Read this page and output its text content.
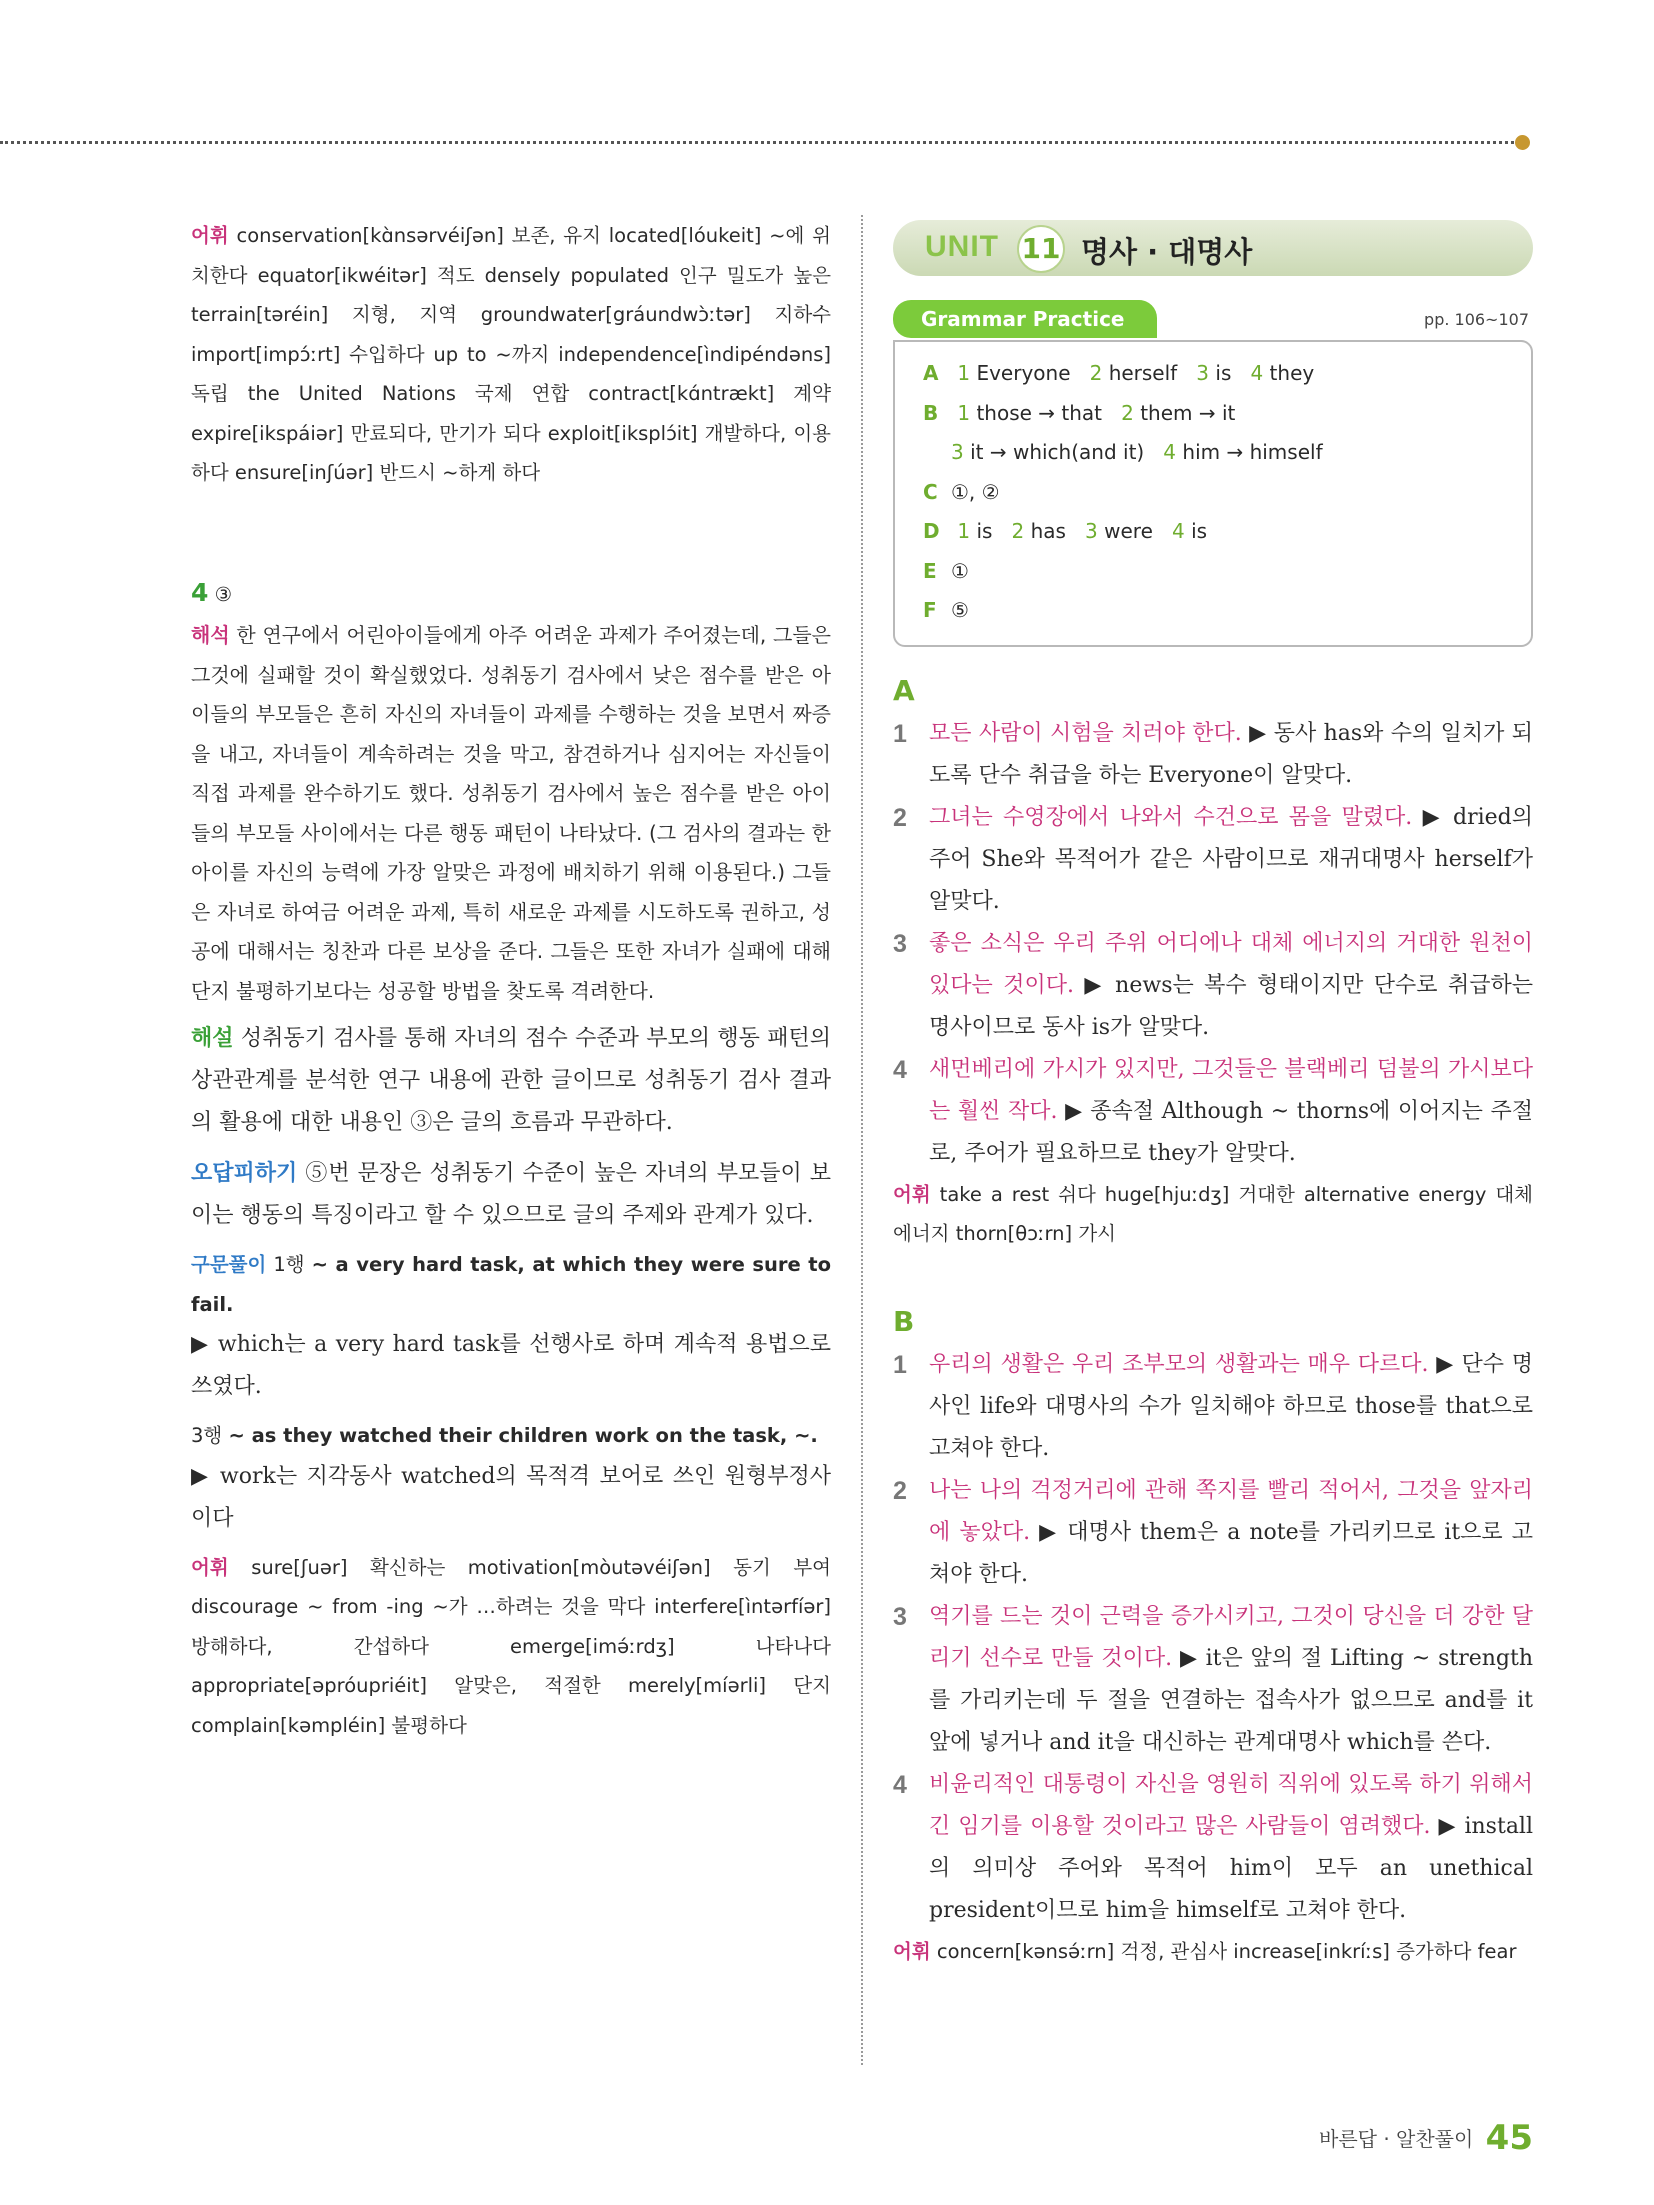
어휘 conservation[kɑ̀nsərvéiʃən] 보존, 유지 located[lóukeit] ~에 위치한다 equator[ikwéitər] 적도 densely populated 인구 밀도가 높은 terrain[təréin] 지형, 지역 groundwater[gráundwɔ̀ːtər] 지하수 import[impɔ́ːrt] 수입하다 up to ~까지 independence[ìndipéndəns] 독립 the United Nations 국제 연합 contract[kɑ́ntrækt] 계약 expire[ikspáiər] 만료되다, 만기가 되다 exploit[iksplɔ́it] 개발하다, 이용하다 ensure[inʃúər] 반드시 ~하게 하다

4 ③

해석 한 연구에서 어린아이들에게 아주 어려운 과제가 주어졌는데, 그들은 그것에 실패할 것이 확실했었다. 성취동기 검사에서 낮은 점수를 받은 아이들의 부모들은 흔히 자신의 자녀들이 과제를 수행하는 것을 보면서 짜증을 내고, 자녀들이 계속하려는 것을 막고, 참견하거나 심지어는 자신들이 직접 과제를 완수하기도 했다. 성취동기 검사에서 높은 점수를 받은 아이들의 부모들 사이에서는 다른 행동 패턴이 나타났다. (그 검사의 결과는 한 아이를 자신의 능력에 가장 알맞은 과정에 배치하기 위해 이용된다.) 그들은 자녀로 하여금 어려운 과제, 특히 새로운 과제를 시도하도록 권하고, 성공에 대해서는 칭찬과 다른 보상을 준다. 그들은 또한 자녀가 실패에 대해 단지 불평하기보다는 성공할 방법을 찾도록 격려한다.

해설 성취동기 검사를 통해 자녀의 점수 수준과 부모의 행동 패턴의 상관관계를 분석한 연구 내용에 관한 글이므로 성취동기 검사 결과의 활용에 대한 내용인 ③은 글의 흐름과 무관하다.

오답피하기 ⑤번 문장은 성취동기 수준이 높은 자녀의 부모들이 보이는 행동의 특징이라고 할 수 있으므로 글의 주제와 관계가 있다.

구문풀이 1행 ~ a very hard task, at which they were sure to fail.

▶ which는 a very hard task를 선행사로 하며 계속적 용법으로 쓰였다.

3행 ~ as they watched their children work on the task, ~.

▶ work는 지각동사 watched의 목적격 보어로 쓰인 원형부정사이다

어휘 sure[ʃuər] 확신하는 motivation[mòutəvéiʃən] 동기 부여 discourage ~ from -ing ~가 …하려는 것을 막다 interfere[ìntərfíər] 방해하다, 간섭하다 emerge[imə́ːrdʒ] 나타나다 appropriate[əpróupriéit] 알맞은, 적절한 merely[míərli] 단지 complain[kəmpléin] 불평하다

UNIT 11 명사 · 대명사
Grammar Practice	pp. 106~107
A 1 Everyone 2 herself 3 is 4 they
B 1 those → that 2 them → it
3 it → which(and it) 4 him → himself
C ①, ②
D 1 is 2 has 3 were 4 is
E ①
F ⑤

A

1 모든 사람이 시험을 치러야 한다. ▶ 동사 has와 수의 일치가 되도록 단수 취급을 하는 Everyone이 알맞다.
2 그녀는 수영장에서 나와서 수건으로 몸을 말렸다. ▶ dried의 주어 She와 목적어가 같은 사람이므로 재귀대명사 herself가 알맞다.
3 좋은 소식은 우리 주위 어디에나 대체 에너지의 거대한 원천이 있다는 것이다. ▶ news는 복수 형태이지만 단수로 취급하는 명사이므로 동사 is가 알맞다.
4 새먼베리에 가시가 있지만, 그것들은 블랙베리 덤불의 가시보다는 훨씬 작다. ▶ 종속절 Although ~ thorns에 이어지는 주절로, 주어가 필요하므로 they가 알맞다.

어휘 take a rest 쉬다 huge[hjuːdʒ] 거대한 alternative energy 대체 에너지 thorn[θɔːrn] 가시

B

1 우리의 생활은 우리 조부모의 생활과는 매우 다르다. ▶ 단수 명사인 life와 대명사의 수가 일치해야 하므로 those를 that으로 고쳐야 한다.
2 나는 나의 걱정거리에 관해 쪽지를 빨리 적어서, 그것을 앞자리에 놓았다. ▶ 대명사 them은 a note를 가리키므로 it으로 고쳐야 한다.
3 역기를 드는 것이 근력을 증가시키고, 그것이 당신을 더 강한 달리기 선수로 만들 것이다. ▶ it은 앞의 절 Lifting ~ strength를 가리키는데 두 절을 연결하는 접속사가 없으므로 and를 it 앞에 넣거나 and it을 대신하는 관계대명사 which를 쓴다.
4 비윤리적인 대통령이 자신을 영원히 직위에 있도록 하기 위해서 긴 임기를 이용할 것이라고 많은 사람들이 염려했다. ▶ install의 의미상 주어와 목적어 him이 모두 an unethical president이므로 him을 himself로 고쳐야 한다.

어휘 concern[kənsə́ːrn] 걱정, 관심사 increase[inkríːs] 증가하다 fear

바른답 · 알찬풀이 45
